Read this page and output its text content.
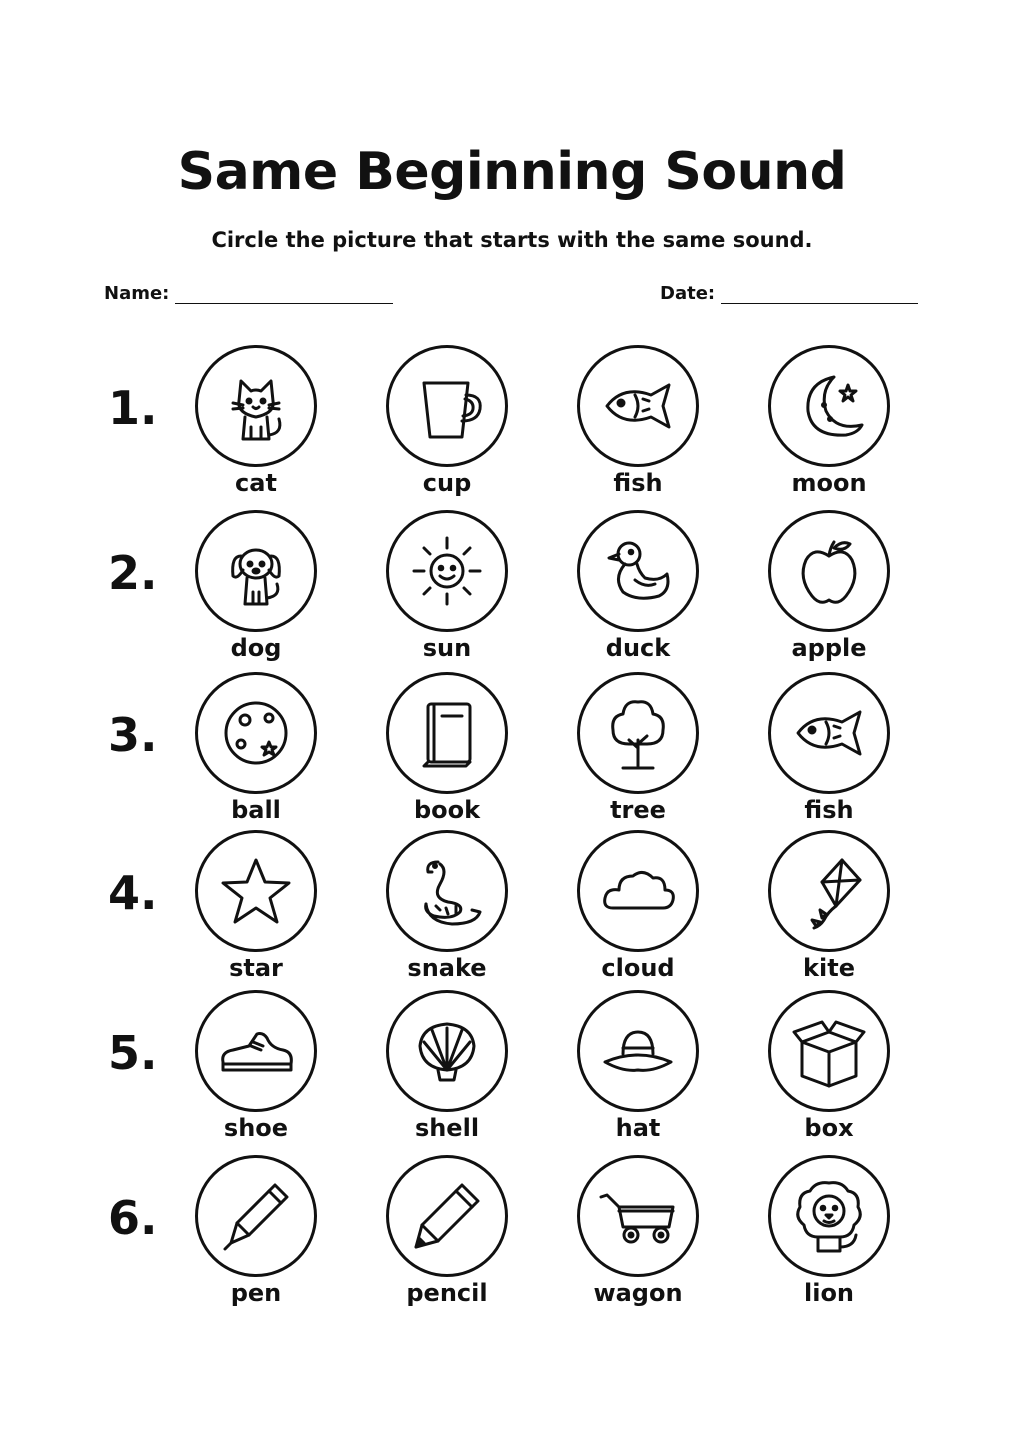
Same Beginning Sound
Circle the picture that starts with the same sound.
Name:	Date:
1.
cat	cup	fish	moon
2.
dog	sun	duck	apple
3.
ball	book	tree	fish
4.
star	snake	cloud	kite
5.
shoe	shell	hat	box
6.
pen	pencil	wagon	lion
